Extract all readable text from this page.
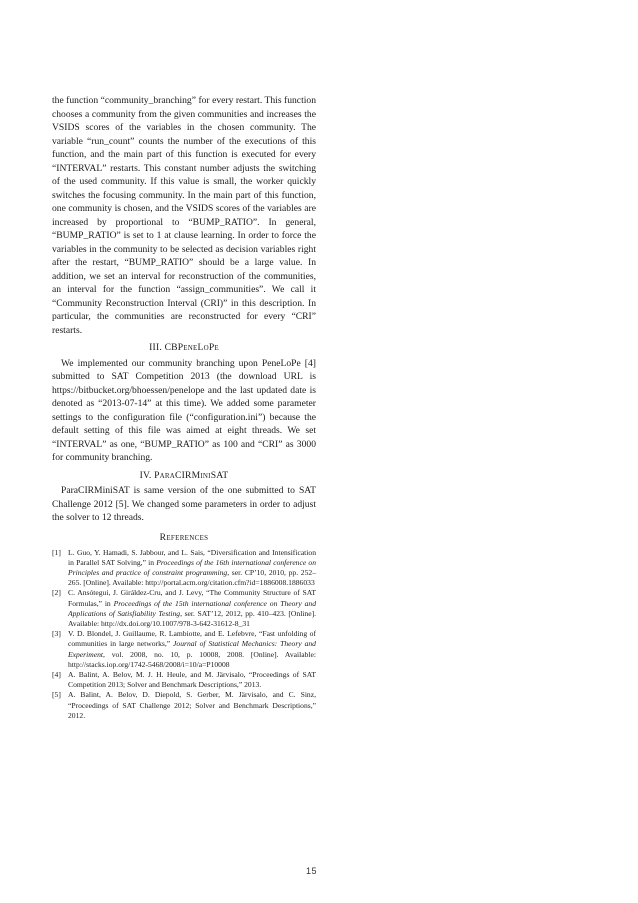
the function “community_branching” for every restart. This function chooses a community from the given communities and increases the VSIDS scores of the variables in the chosen community. The variable “run_count” counts the number of the executions of this function, and the main part of this function is executed for every “INTERVAL” restarts. This constant number adjusts the switching of the used community. If this value is small, the worker quickly switches the focusing community. In the main part of this function, one community is chosen, and the VSIDS scores of the variables are increased by proportional to “BUMP_RATIO”. In general, “BUMP_RATIO” is set to 1 at clause learning. In order to force the variables in the community to be selected as decision variables right after the restart, “BUMP_RATIO” should be a large value. In addition, we set an interval for reconstruction of the communities, an interval for the function “assign_communities”. We call it “Community Reconstruction Interval (CRI)” in this description. In particular, the communities are reconstructed for every “CRI” restarts.

III. CBPeneLoPe

We implemented our community branching upon PeneLoPe [4] submitted to SAT Competition 2013 (the download URL is https://bitbucket.org/bhoessen/penelope and the last updated date is denoted as “2013-07-14” at this time). We added some parameter settings to the configuration file (“configuration.ini”) because the default setting of this file was aimed at eight threads. We set “INTERVAL” as one, “BUMP_RATIO” as 100 and “CRI” as 3000 for community branching.

IV. ParaCIRMiniSAT

ParaCIRMiniSAT is same version of the one submitted to SAT Challenge 2012 [5]. We changed some parameters in order to adjust the solver to 12 threads.

References
[1] L. Guo, Y. Hamadi, S. Jabbour, and L. Sais, “Diversification and Intensification in Parallel SAT Solving,” in Proceedings of the 16th international conference on Principles and practice of constraint programming, ser. CP’10, 2010, pp. 252–265. [Online]. Available: http://portal.acm.org/citation.cfm?id=1886008.1886033
[2] C. Ansótegui, J. Giráldez-Cru, and J. Levy, “The Community Structure of SAT Formulas,” in Proceedings of the 15th international conference on Theory and Applications of Satisfiability Testing, ser. SAT’12, 2012, pp. 410–423. [Online]. Available: http://dx.doi.org/10.1007/978-3-642-31612-8_31
[3] V. D. Blondel, J. Guillaume, R. Lambiotte, and E. Lefebvre, “Fast unfolding of communities in large networks,” Journal of Statistical Mechanics: Theory and Experiment, vol. 2008, no. 10, p. 10008, 2008. [Online]. Available: http://stacks.iop.org/1742-5468/2008/i=10/a=P10008
[4] A. Balint, A. Belov, M. J. H. Heule, and M. Järvisalo, “Proceedings of SAT Competition 2013; Solver and Benchmark Descriptions,” 2013.
[5] A. Balint, A. Belov, D. Diepold, S. Gerber, M. Järvisalo, and C. Sinz, “Proceedings of SAT Challenge 2012; Solver and Benchmark Descriptions,” 2012.
15
